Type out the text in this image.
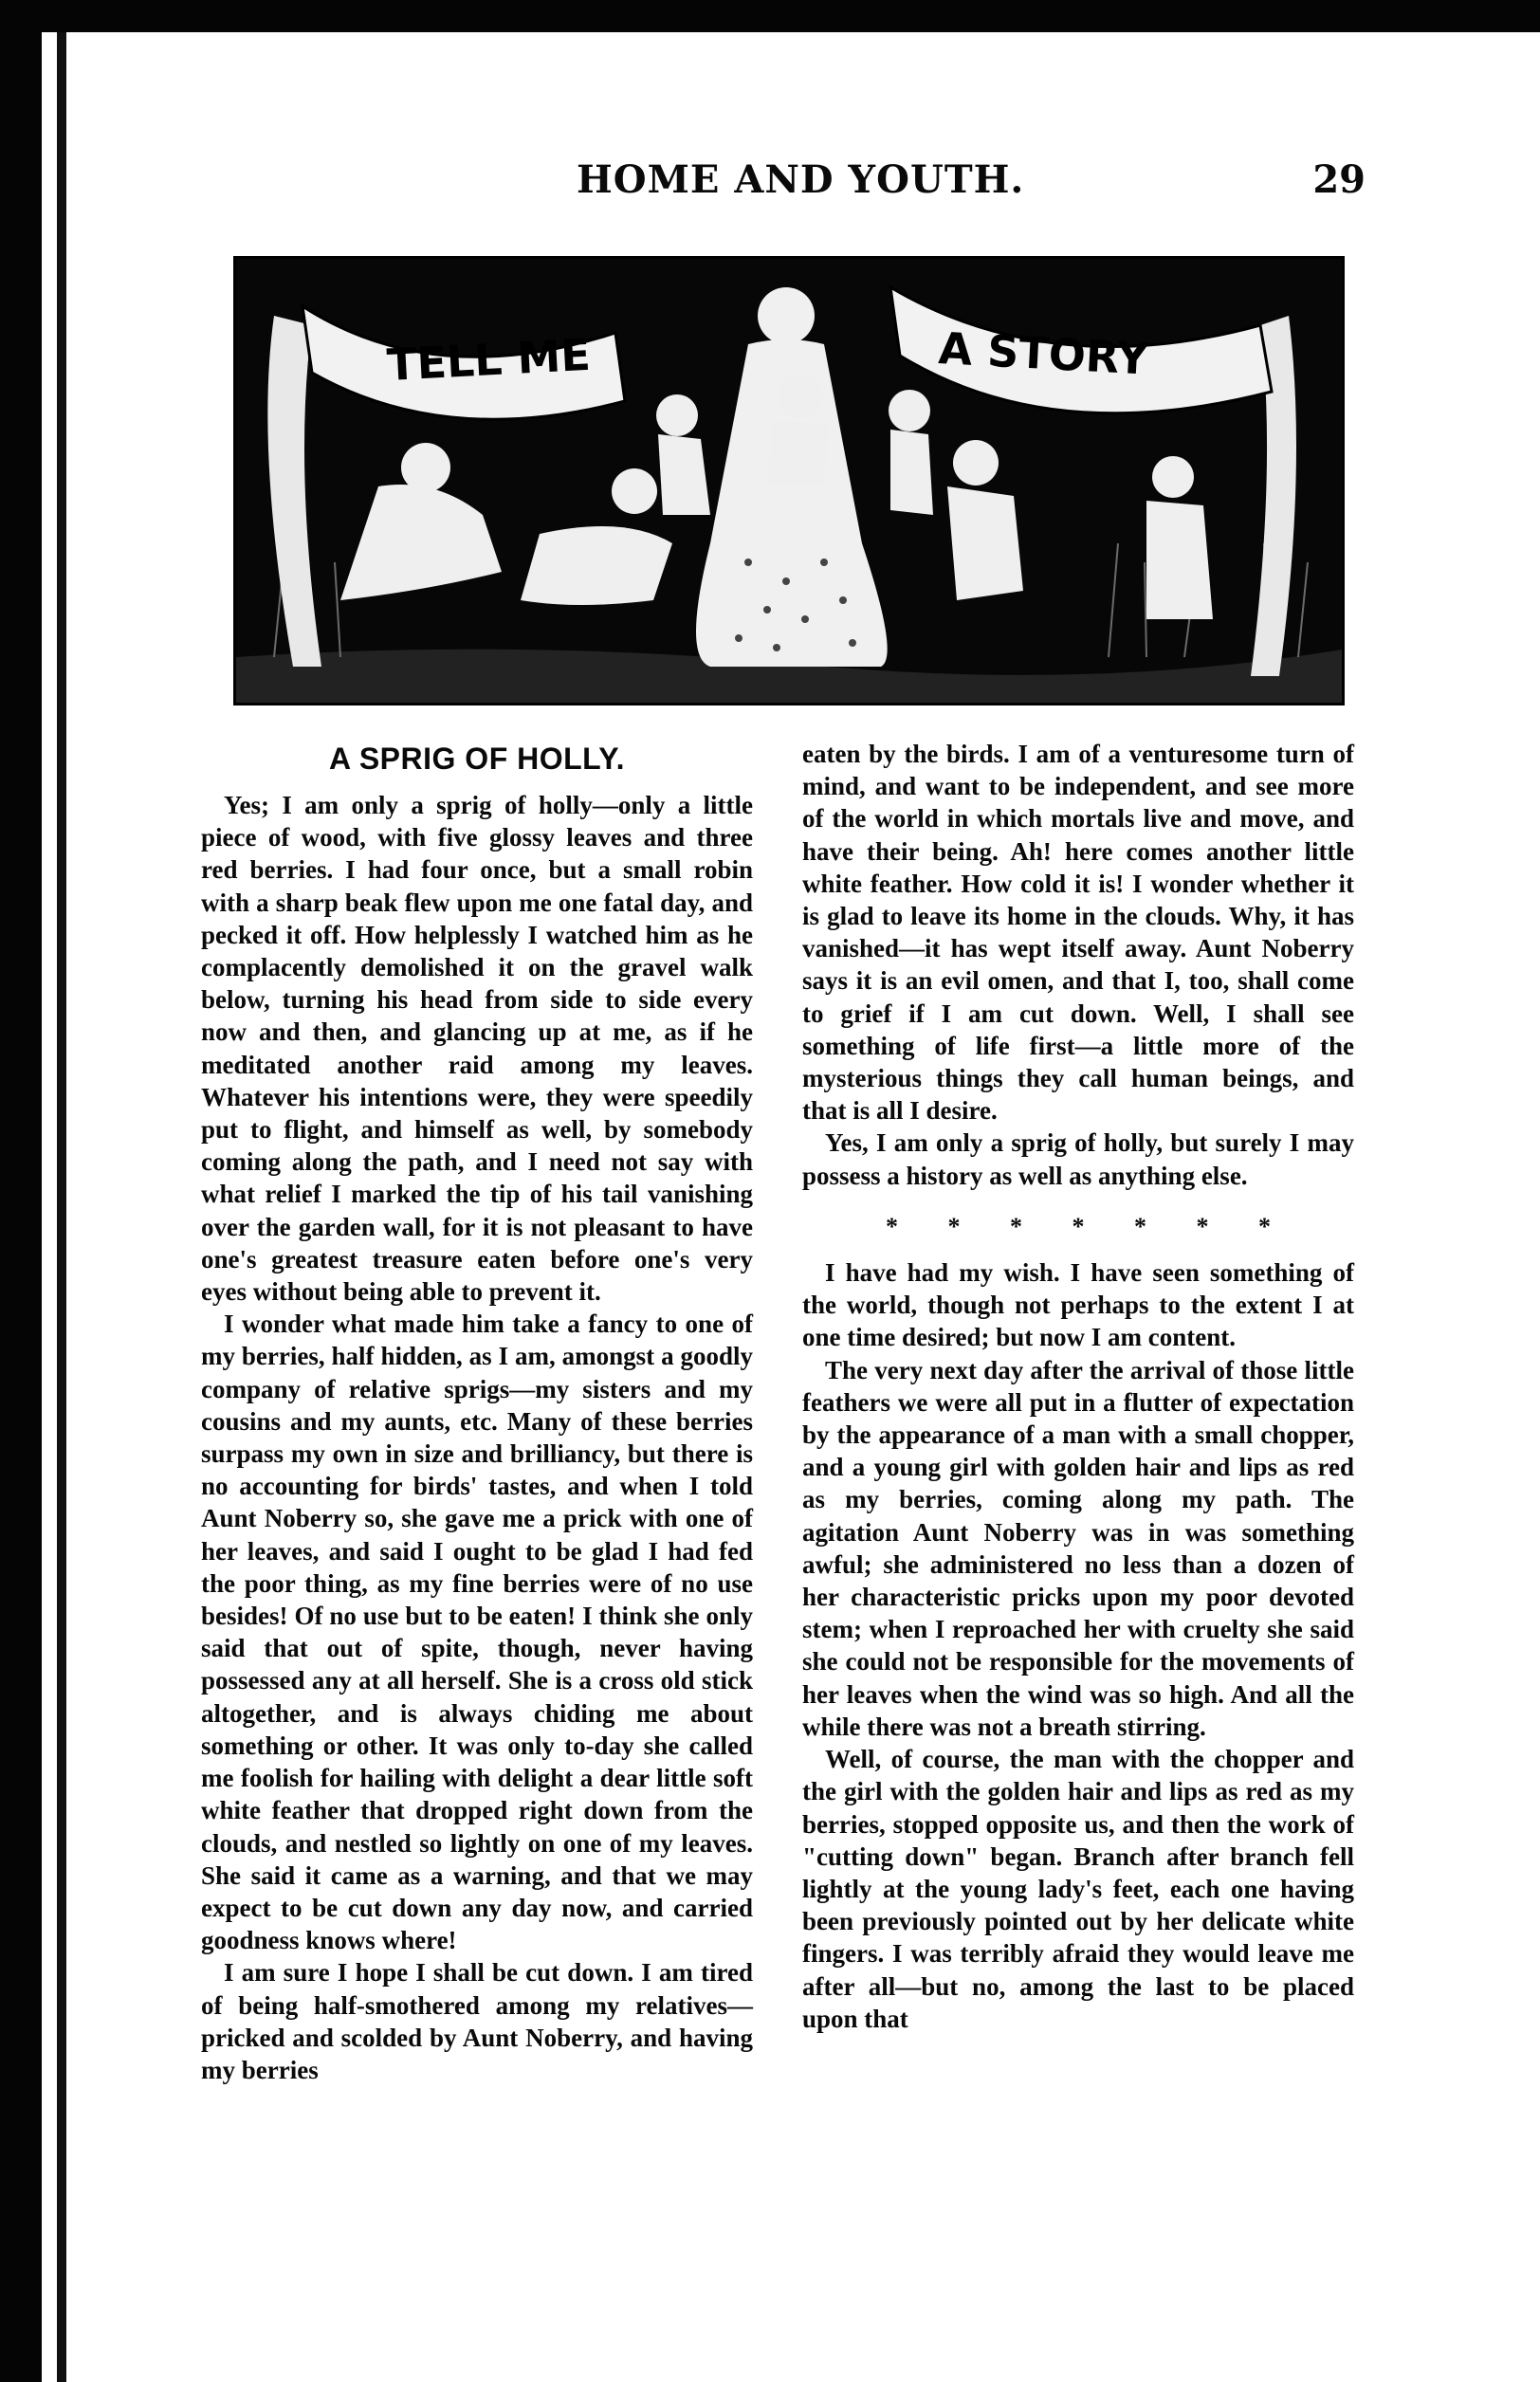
HOME AND YOUTH.	29
TELL ME	A STORY
A SPRIG OF HOLLY.

Yes; I am only a sprig of holly—only a little piece of wood, with five glossy leaves and three red berries. I had four once, but a small robin with a sharp beak flew upon me one fatal day, and pecked it off. How helplessly I watched him as he complacently demolished it on the gravel walk below, turning his head from side to side every now and then, and glancing up at me, as if he meditated another raid among my leaves. Whatever his intentions were, they were speedily put to flight, and himself as well, by somebody coming along the path, and I need not say with what relief I marked the tip of his tail vanishing over the garden wall, for it is not pleasant to have one's greatest treasure eaten before one's very eyes without being able to prevent it.

I wonder what made him take a fancy to one of my berries, half hidden, as I am, amongst a goodly company of relative sprigs—my sisters and my cousins and my aunts, etc. Many of these berries surpass my own in size and brilliancy, but there is no accounting for birds' tastes, and when I told Aunt Noberry so, she gave me a prick with one of her leaves, and said I ought to be glad I had fed the poor thing, as my fine berries were of no use besides! Of no use but to be eaten! I think she only said that out of spite, though, never having possessed any at all herself. She is a cross old stick altogether, and is always chiding me about something or other. It was only to-day she called me foolish for hailing with delight a dear little soft white feather that dropped right down from the clouds, and nestled so lightly on one of my leaves. She said it came as a warning, and that we may expect to be cut down any day now, and carried goodness knows where!

I am sure I hope I shall be cut down. I am tired of being half-smothered among my relatives—pricked and scolded by Aunt Noberry, and having my berries

eaten by the birds. I am of a venturesome turn of mind, and want to be independent, and see more of the world in which mortals live and move, and have their being. Ah! here comes another little white feather. How cold it is! I wonder whether it is glad to leave its home in the clouds. Why, it has vanished—it has wept itself away. Aunt Noberry says it is an evil omen, and that I, too, shall come to grief if I am cut down. Well, I shall see something of life first—a little more of the mysterious things they call human beings, and that is all I desire.

Yes, I am only a sprig of holly, but surely I may possess a history as well as anything else.

* * * * * * *

I have had my wish. I have seen something of the world, though not perhaps to the extent I at one time desired; but now I am content.

The very next day after the arrival of those little feathers we were all put in a flutter of expectation by the appearance of a man with a small chopper, and a young girl with golden hair and lips as red as my berries, coming along my path. The agitation Aunt Noberry was in was something awful; she administered no less than a dozen of her characteristic pricks upon my poor devoted stem; when I reproached her with cruelty she said she could not be responsible for the movements of her leaves when the wind was so high. And all the while there was not a breath stirring.

Well, of course, the man with the chopper and the girl with the golden hair and lips as red as my berries, stopped opposite us, and then the work of "cutting down" began. Branch after branch fell lightly at the young lady's feet, each one having been previously pointed out by her delicate white fingers. I was terribly afraid they would leave me after all—but no, among the last to be placed upon that
